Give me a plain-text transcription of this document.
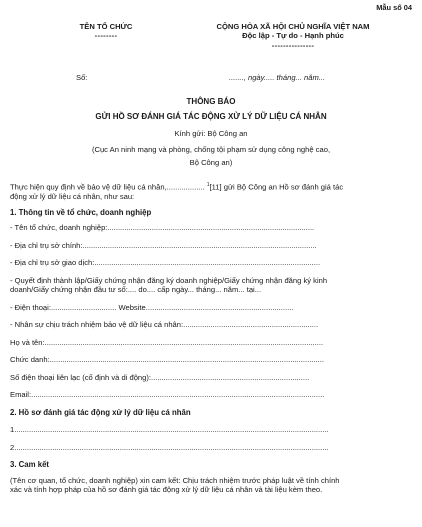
Mẫu số 04
TÊN TỔ CHỨC
--------
CỘNG HÒA XÃ HỘI CHỦ NGHĨA VIỆT NAM
Độc lập - Tự do - Hạnh phúc
---------------
Số:	......., ngày..... tháng... năm...
THÔNG BÁO
GỬI HỒ SƠ ĐÁNH GIÁ TÁC ĐỘNG XỬ LÝ DỮ LIỆU CÁ NHÂN
Kính gửi: Bộ Công an
(Cục An ninh mạng và phòng, chống tội phạm sử dụng công nghệ cao,
Bộ Công an)

Thực hiện quy định về bảo vệ dữ liệu cá nhân,.................. $^1$[11] gửi Bộ Công an Hồ sơ đánh giá tác

động xử lý dữ liệu cá nhân, như sau:

1. Thông tin về tổ chức, doanh nghiệp

- Tên tổ chức, doanh nghiệp:..................................................................................................

- Địa chỉ trụ sở chính:...............................................................................................................

- Địa chỉ trụ sở giao dịch:...........................................................................................................

- Quyết định thành lập/Giấy chứng nhận đăng ký doanh nghiệp/Giấy chứng nhận đăng ký kinh

doanh/Giấy chứng nhận đầu tư số:.... do.... cấp ngày... tháng... năm... tại...

- Điện thoại:............................... Website......................................................................

- Nhân sự chịu trách nhiệm bảo vệ dữ liệu cá nhân:................................................................

Họ và tên:....................................................................................................................................

Chức danh:..................................................................................................................................

Số điện thoại liên lạc (cố định và di động):...........................................................................

Email:...........................................................................................................................................

2. Hồ sơ đánh giá tác động xử lý dữ liệu cá nhân

1.....................................................................................................................................................

2.....................................................................................................................................................

3. Cam kết

(Tên cơ quan, tổ chức, doanh nghiệp) xin cam kết: Chịu trách nhiệm trước pháp luật về tính chính

xác và tính hợp pháp của hồ sơ đánh giá tác động xử lý dữ liệu cá nhân và tài liệu kèm theo.
